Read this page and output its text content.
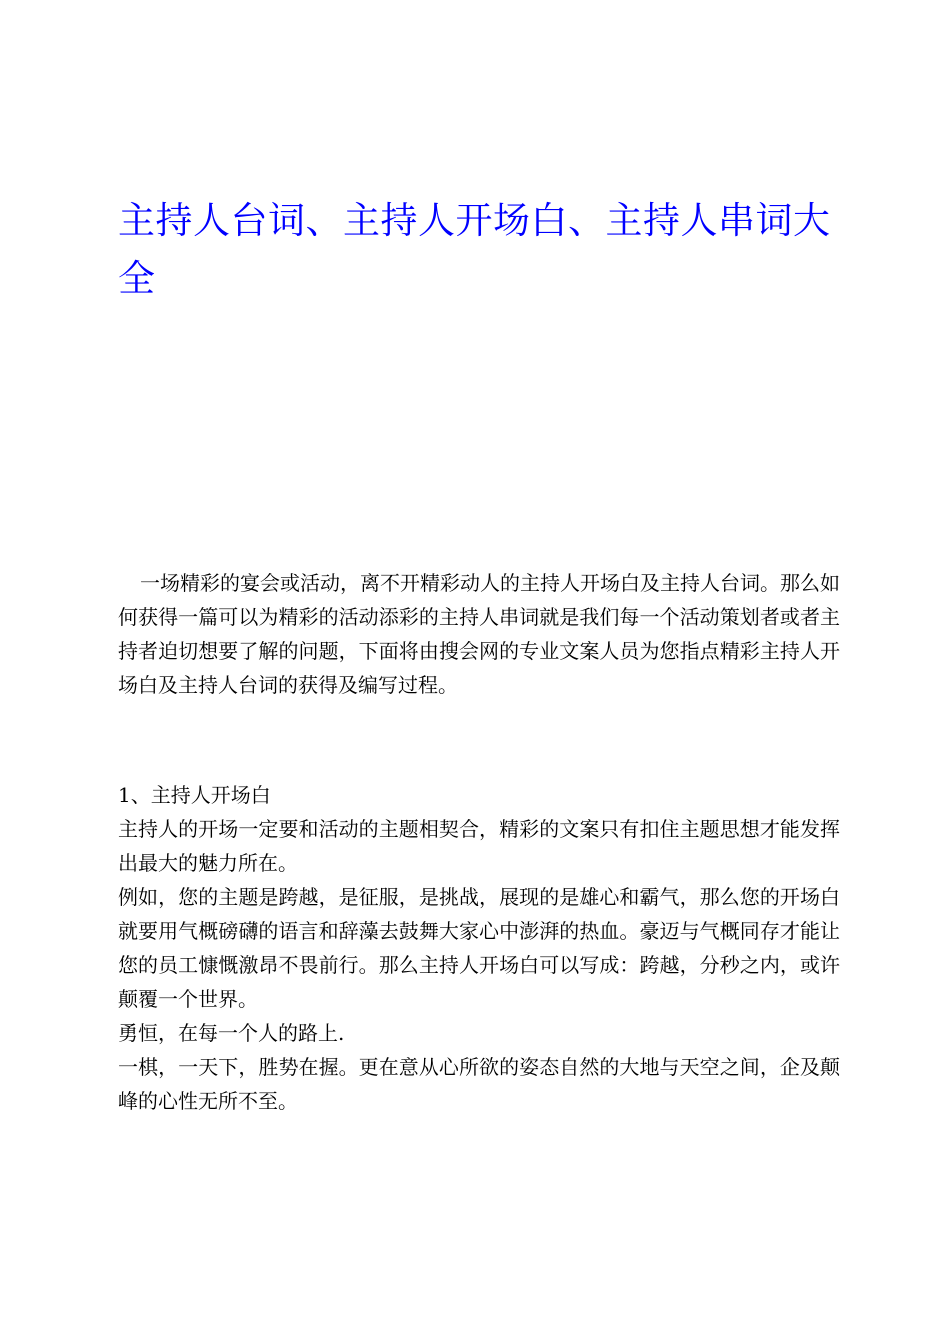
主持人台词、主持人开场白、主持人串词大全

一场精彩的宴会或活动，离不开精彩动人的主持人开场白及主持人台词。那么如何获得一篇可以为精彩的活动添彩的主持人串词就是我们每一个活动策划者或者主持者迫切想要了解的问题，下面将由搜会网的专业文案人员为您指点精彩主持人开场白及主持人台词的获得及编写过程。

1、主持人开场白

主持人的开场一定要和活动的主题相契合，精彩的文案只有扣住主题思想才能发挥出最大的魅力所在。

例如，您的主题是跨越，是征服，是挑战，展现的是雄心和霸气，那么您的开场白就要用气概磅礴的语言和辞藻去鼓舞大家心中澎湃的热血。豪迈与气概同存才能让您的员工慷慨激昂不畏前行。那么主持人开场白可以写成：跨越，分秒之内，或许颠覆一个世界。

勇恒，在每一个人的路上.

一棋，一天下，胜势在握。更在意从心所欲的姿态自然的大地与天空之间，企及颠峰的心性无所不至。
